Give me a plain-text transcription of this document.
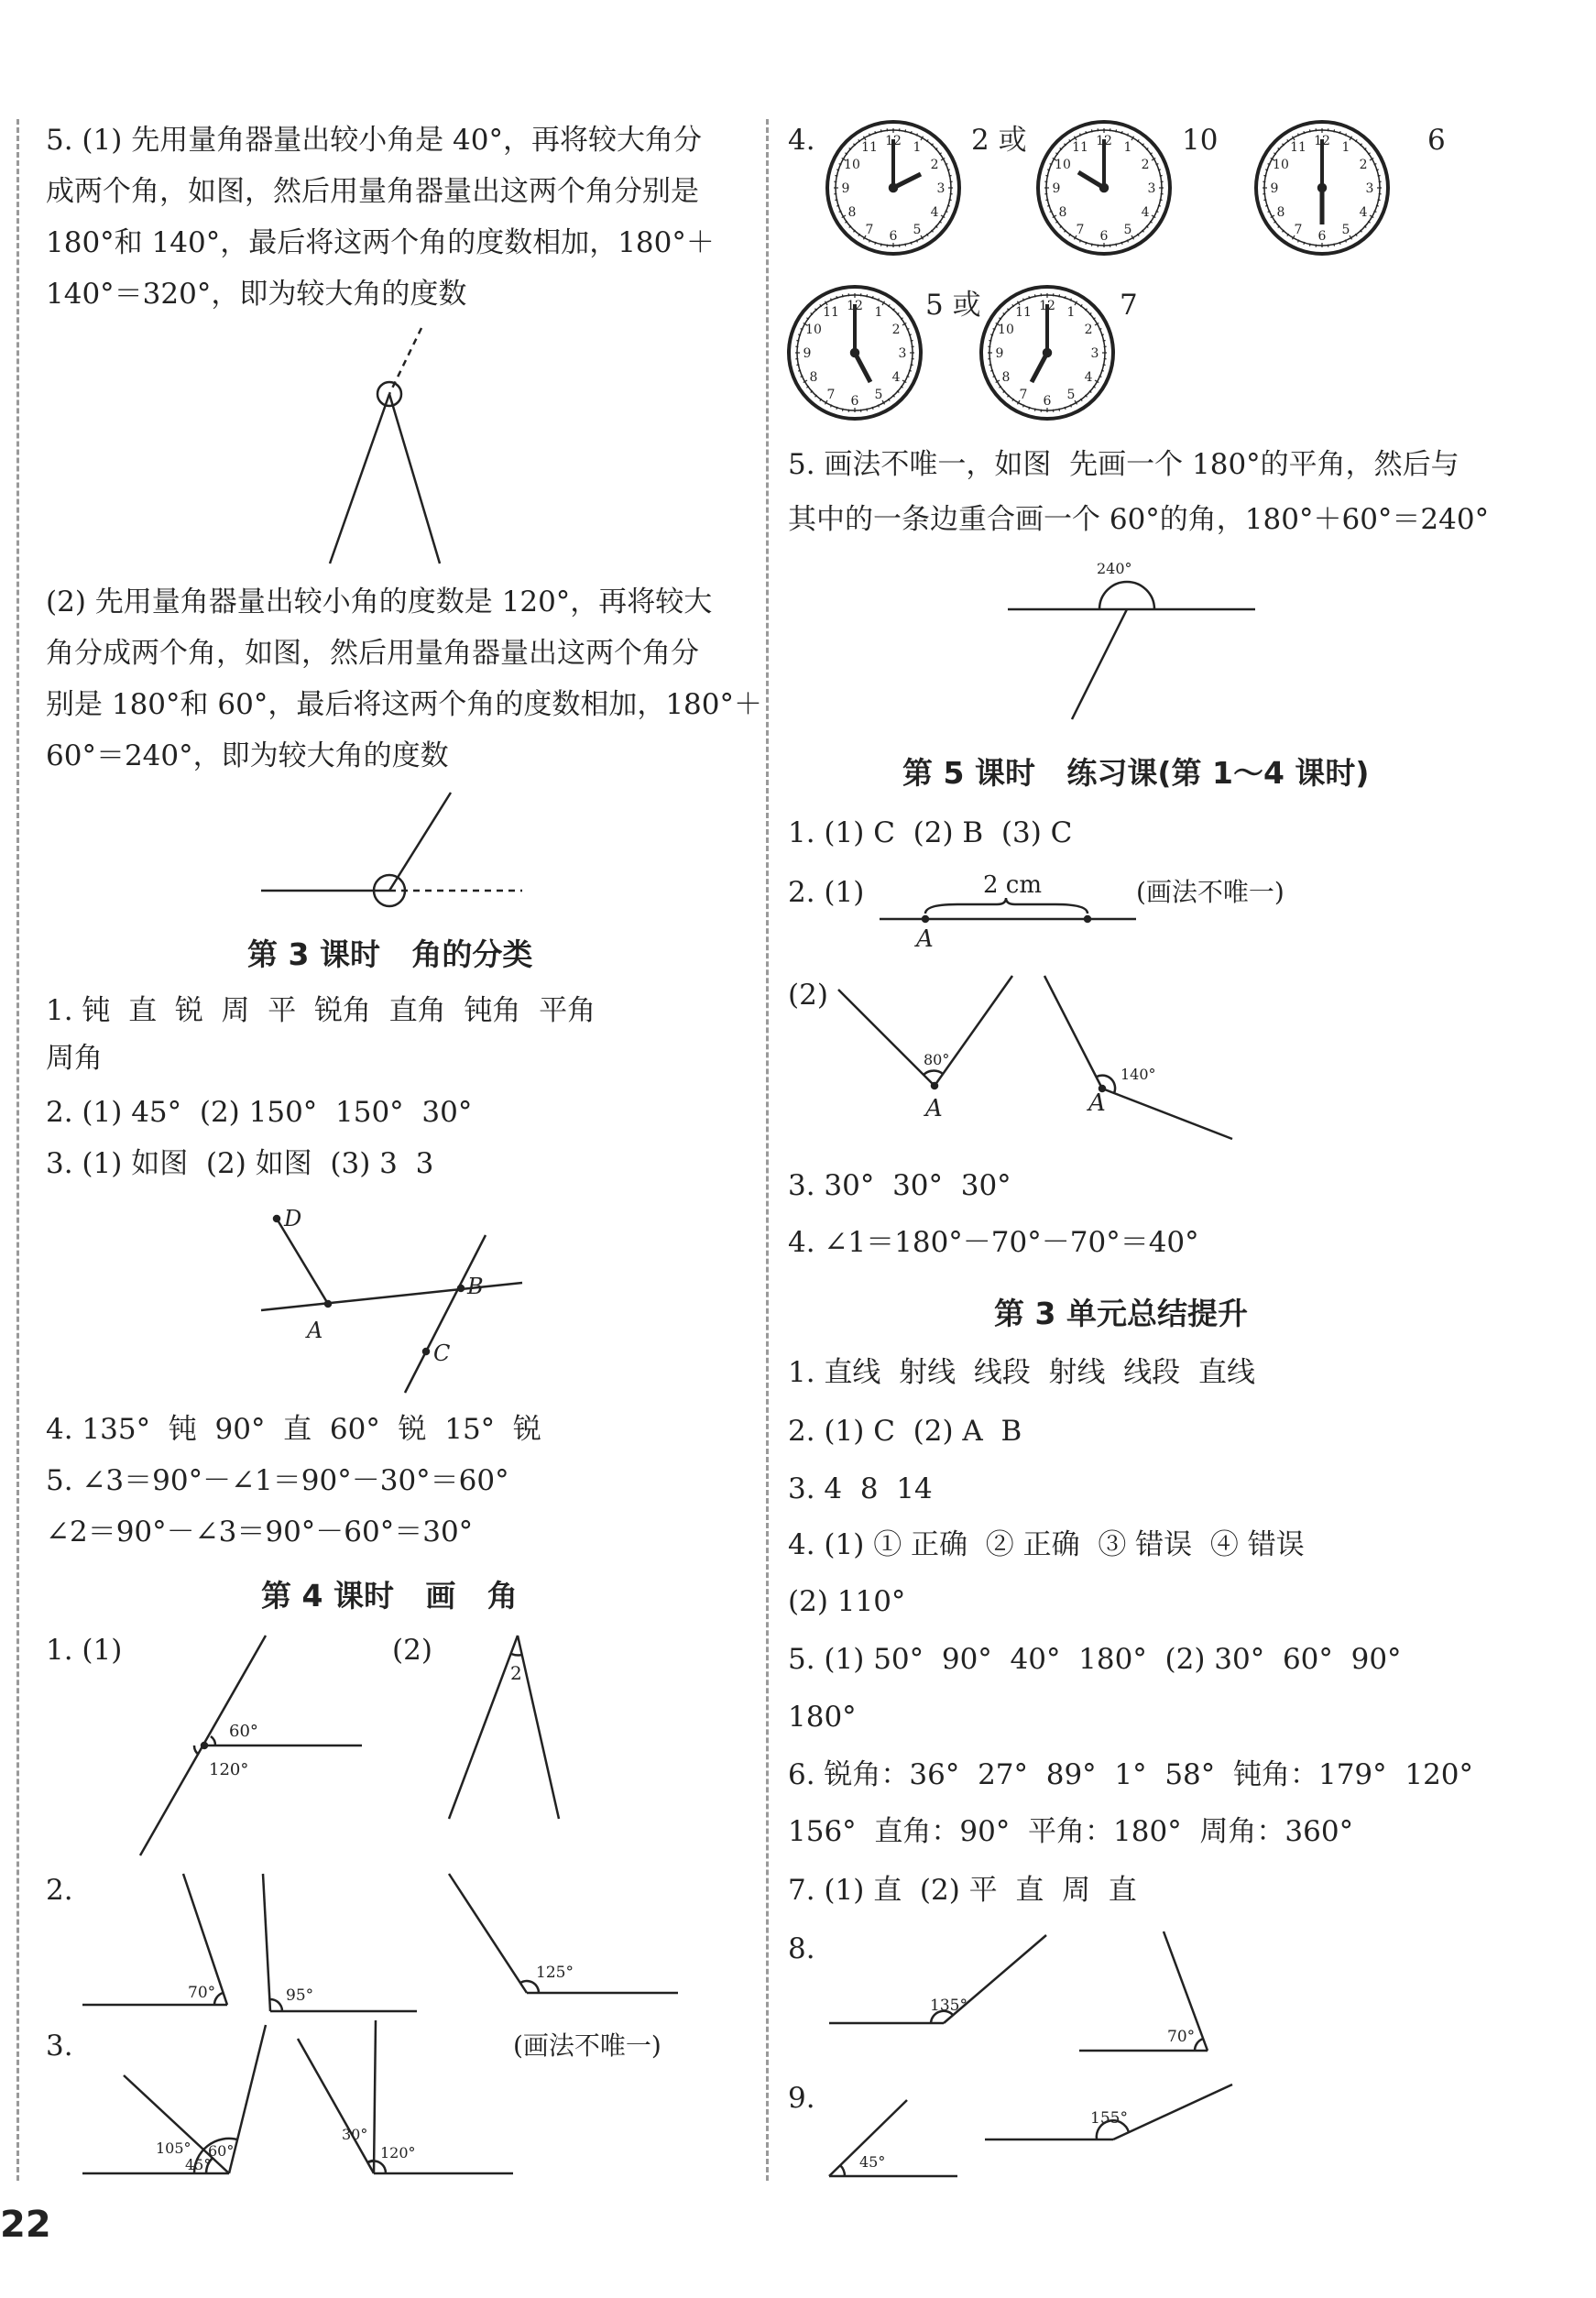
5. (1) 先用量角器量出较小角是 40°，再将较大角分
成两个角，如图，然后用量角器量出这两个角分别是
180°和 140°，最后将这两个角的度数相加，180°＋
140°＝320°，即为较大角的度数
(2) 先用量角器量出较小角的度数是 120°，再将较大
角分成两个角，如图，然后用量角器量出这两个角分
别是 180°和 60°，最后将这两个角的度数相加，180°＋
60°＝240°，即为较大角的度数
第 3 课时   角的分类
1. 钝  直  锐  周  平  锐角  直角  钝角  平角
周角
2. (1) 45°  (2) 150°  150°  30°
3. (1) 如图  (2) 如图  (3) 3  3
D
A
B
C
4. 135°  钝  90°  直  60°  锐  15°  锐
5. ∠3＝90°－∠1＝90°－30°＝60°
∠2＝90°－∠3＝90°－60°＝30°
第 4 课时   画   角
1. (1)	(2)
60°
120°
2
2.
70°	95°
125°
3.	(画法不唯一)
105° 60°
45°
30°
120°
22
4.	12 1
2
3
4
5
6
7
8
9
10
11	2 或	12 1
2
3
4
5
6
7
8
9
10
11	10	12 1
2
3
4
5
6
7
8
9
10
11	6
12 1
2
3
4
5
6
7
8
9
10
11	5 或	12 1
2
3
4
5
6
7
8
9
10
11	7
5. 画法不唯一，如图  先画一个 180°的平角，然后与
其中的一条边重合画一个 60°的角，180°＋60°＝240°
240°
第 5 课时   练习课(第 1～4 课时)
1. (1) C  (2) B  (3) C
2. (1)	2 cm
A
(画法不唯一)
(2)
80°
A
140°
A
3. 30°  30°  30°
4. ∠1＝180°－70°－70°＝40°
第 3 单元总结提升
1. 直线  射线  线段  射线  线段  直线
2. (1) C  (2) A  B
3. 4  8  14
4. (1) ① 正确  ② 正确  ③ 错误  ④ 错误
(2) 110°
5. (1) 50°  90°  40°  180°  (2) 30°  60°  90°
180°
6. 锐角：36°  27°  89°  1°  58°  钝角：179°  120°
156°  直角：90°  平角：180°  周角：360°
7. (1) 直  (2) 平  直  周  直
8.
135°
70°
9.
45°
155°
